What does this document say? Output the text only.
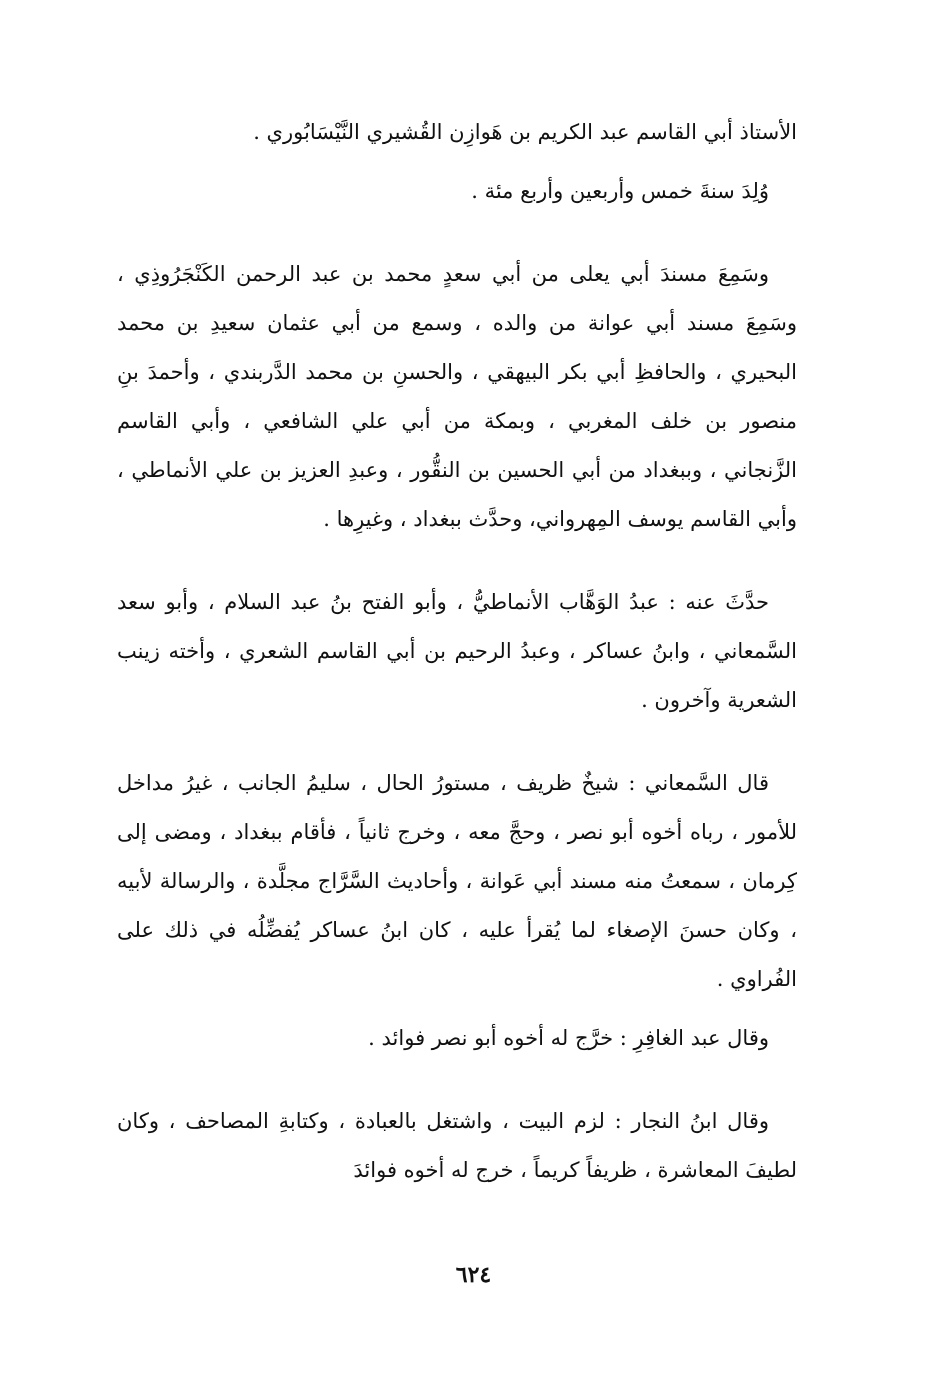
الأستاذ أبي القاسم عبد الكريم بن هَوازِن القُشيري النَّيْسَابُوري .

وُلِدَ سنةَ خمس وأربعين وأربع مئة .

وسَمِعَ مسندَ أبي يعلى من أبي سعدٍ محمد بن عبد الرحمن الكَنْجَرُوذِي ، وسَمِعَ مسند أبي عوانة من والده ، وسمع من أبي عثمان سعيدِ بن محمد البحيري ، والحافظِ أبي بكر البيهقي ، والحسنِ بن محمد الدَّربندي ، وأحمدَ بنِ منصور بن خلف المغربي ، وبمكة من أبي علي الشافعي ، وأبي القاسم الزَّنجاني ، وببغداد من أبي الحسين بن النقُّور ، وعبدِ العزيز بن علي الأنماطي ، وأبي القاسم يوسف المِهرواني، وحدَّث ببغداد ، وغيرِها .

حدَّثَ عنه : عبدُ الوَهَّاب الأنماطيُّ ، وأبو الفتح بنُ عبد السلام ، وأبو سعد السَّمعاني ، وابنُ عساكر ، وعبدُ الرحيم بن أبي القاسم الشعري ، وأخته زينب الشعرية وآخرون .

قال السَّمعاني : شيخٌ ظريف ، مستورُ الحال ، سليمُ الجانب ، غيرُ مداخل للأمور ، رباه أخوه أبو نصر ، وحجَّ معه ، وخرج ثانياً ، فأقام ببغداد ، ومضى إلى كِرمان ، سمعتُ منه مسند أبي عَوانة ، وأحاديث السَّرَّاج مجلَّدة ، والرسالة لأبيه ، وكان حسنَ الإصغاء لما يُقرأ عليه ، كان ابنُ عساكر يُفضِّلُه في ذلك على الفُراوي .

وقال عبد الغافِرِ : خرَّج له أخوه أبو نصر فوائد .

وقال ابنُ النجار : لزم البيت ، واشتغل بالعبادة ، وكتابةِ المصاحف ، وكان لطيفَ المعاشرة ، ظريفاً كريماً ، خرج له أخوه فوائدَ

٦٢٤
